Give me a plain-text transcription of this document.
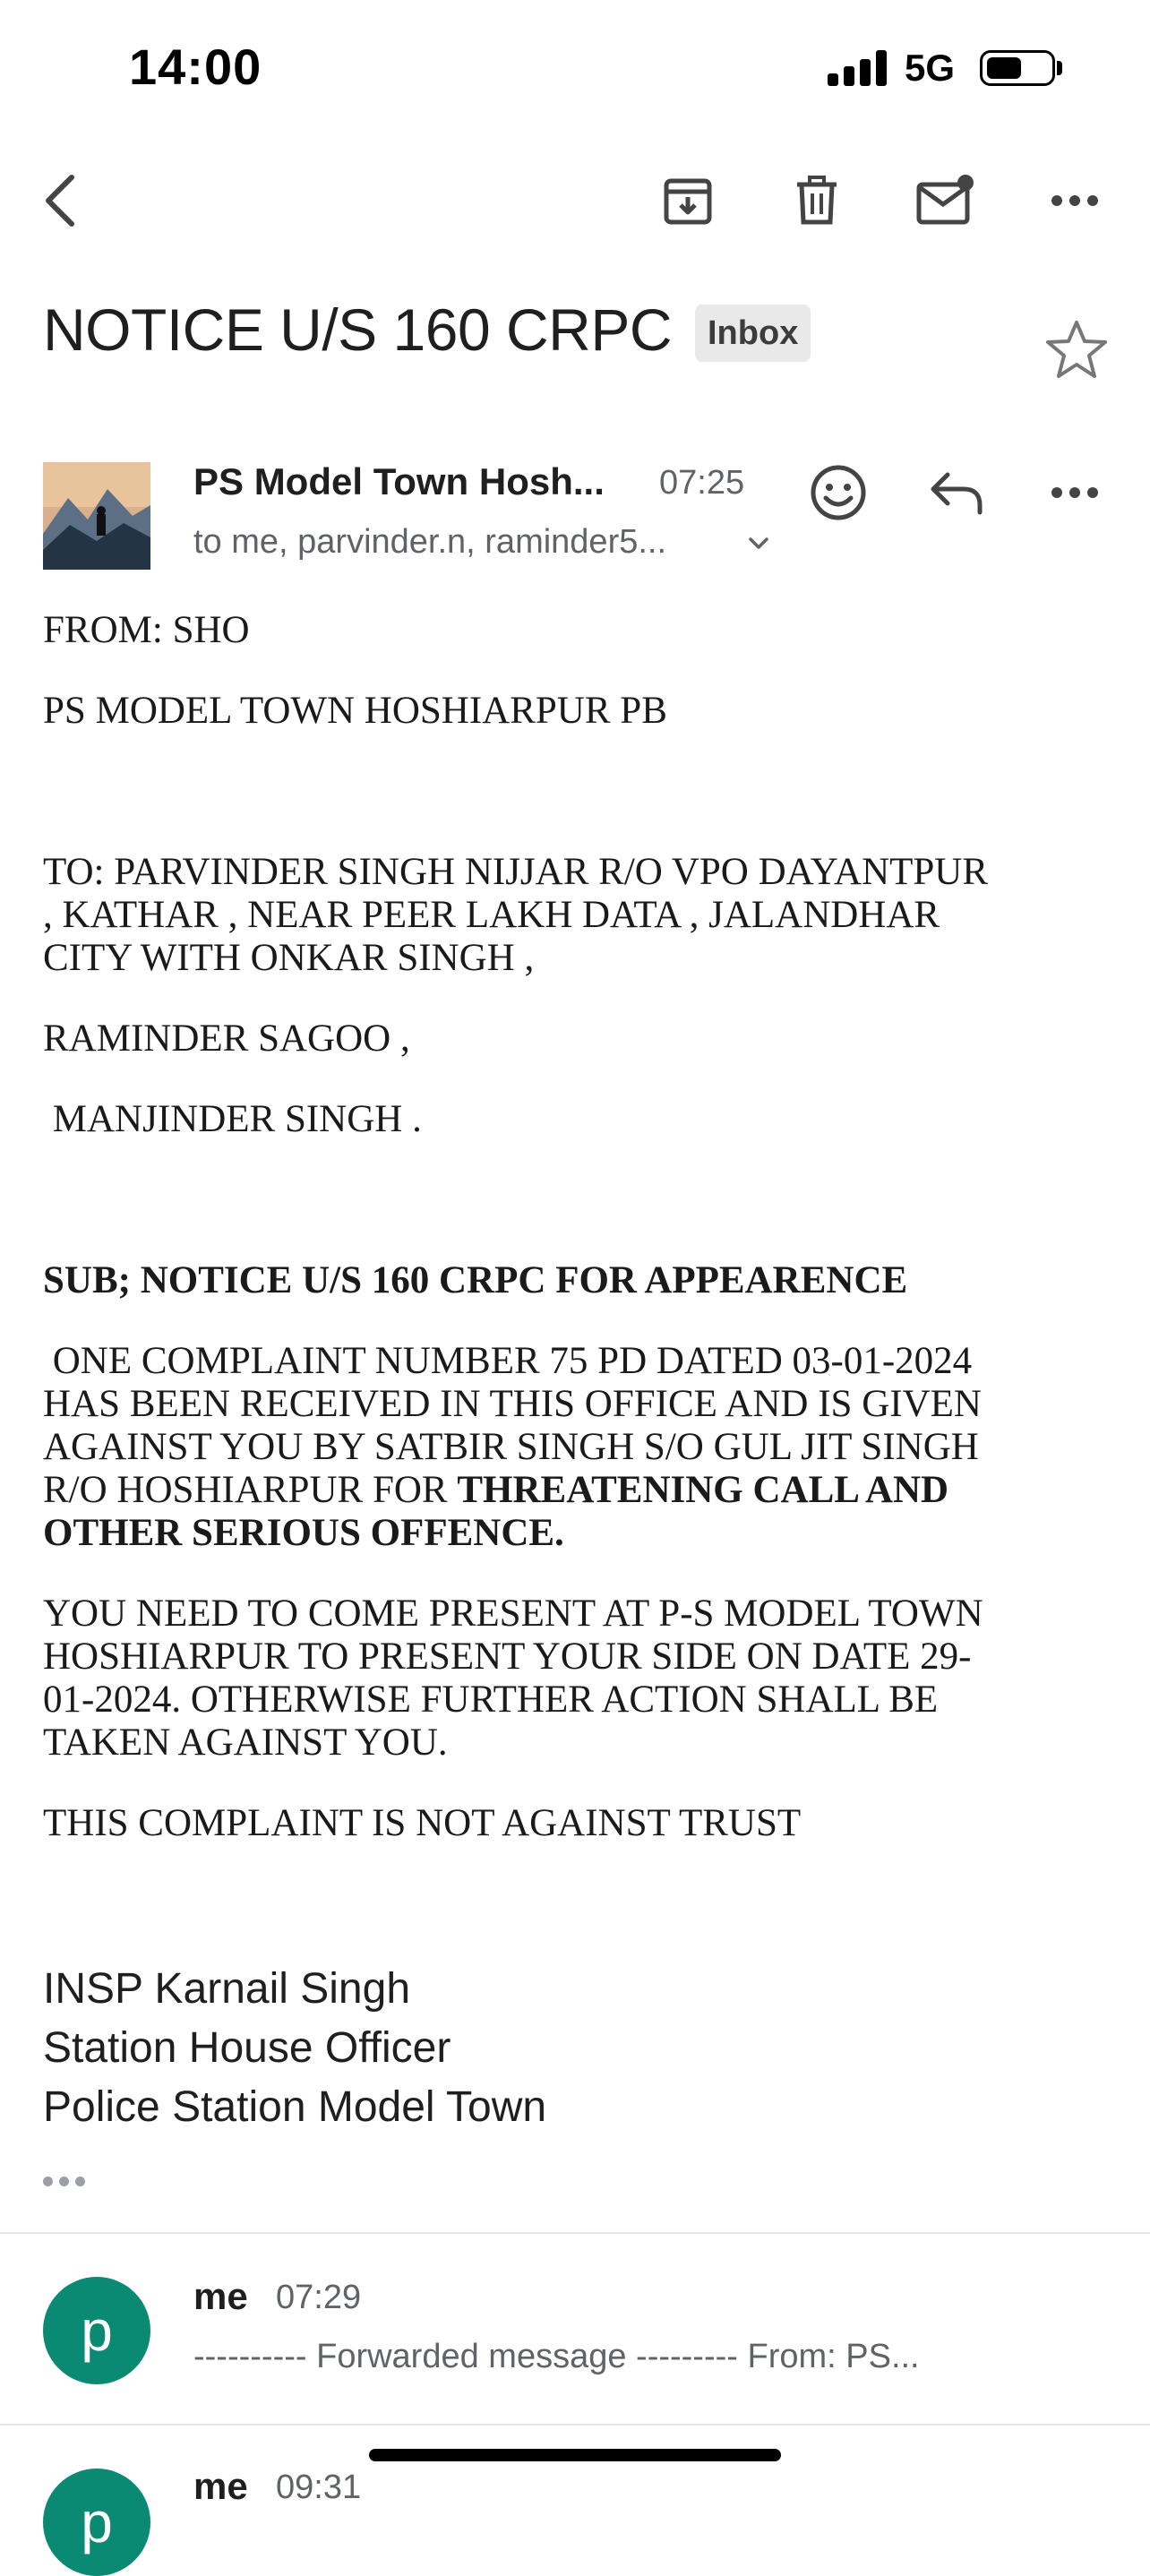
14:00	5G
NOTICE U/S 160 CRPC	Inbox
PS Model Town Hosh... 07:25
to me, parvinder.n, raminder5...

FROM: SHO

PS MODEL TOWN HOSHIARPUR PB

TO: PARVINDER SINGH NIJJAR R/O VPO DAYANTPUR
, KATHAR , NEAR PEER LAKH DATA , JALANDHAR
CITY WITH ONKAR SINGH ,

RAMINDER SAGOO ,

MANJINDER SINGH .

SUB; NOTICE U/S 160 CRPC FOR APPEARENCE

ONE COMPLAINT NUMBER 75 PD DATED 03-01-2024
HAS BEEN RECEIVED IN THIS OFFICE AND IS GIVEN
AGAINST YOU BY SATBIR SINGH S/O GUL JIT SINGH
R/O HOSHIARPUR FOR THREATENING CALL AND
OTHER SERIOUS OFFENCE.

YOU NEED TO COME PRESENT AT P-S MODEL TOWN
HOSHIARPUR TO PRESENT YOUR SIDE ON DATE 29-
01-2024. OTHERWISE FURTHER ACTION SHALL BE
TAKEN AGAINST YOU.

THIS COMPLAINT IS NOT AGAINST TRUST

INSP Karnail Singh
Station House Officer
Police Station Model Town
p
me 07:29
---------- Forwarded message --------- From: PS...
p
me 09:31
